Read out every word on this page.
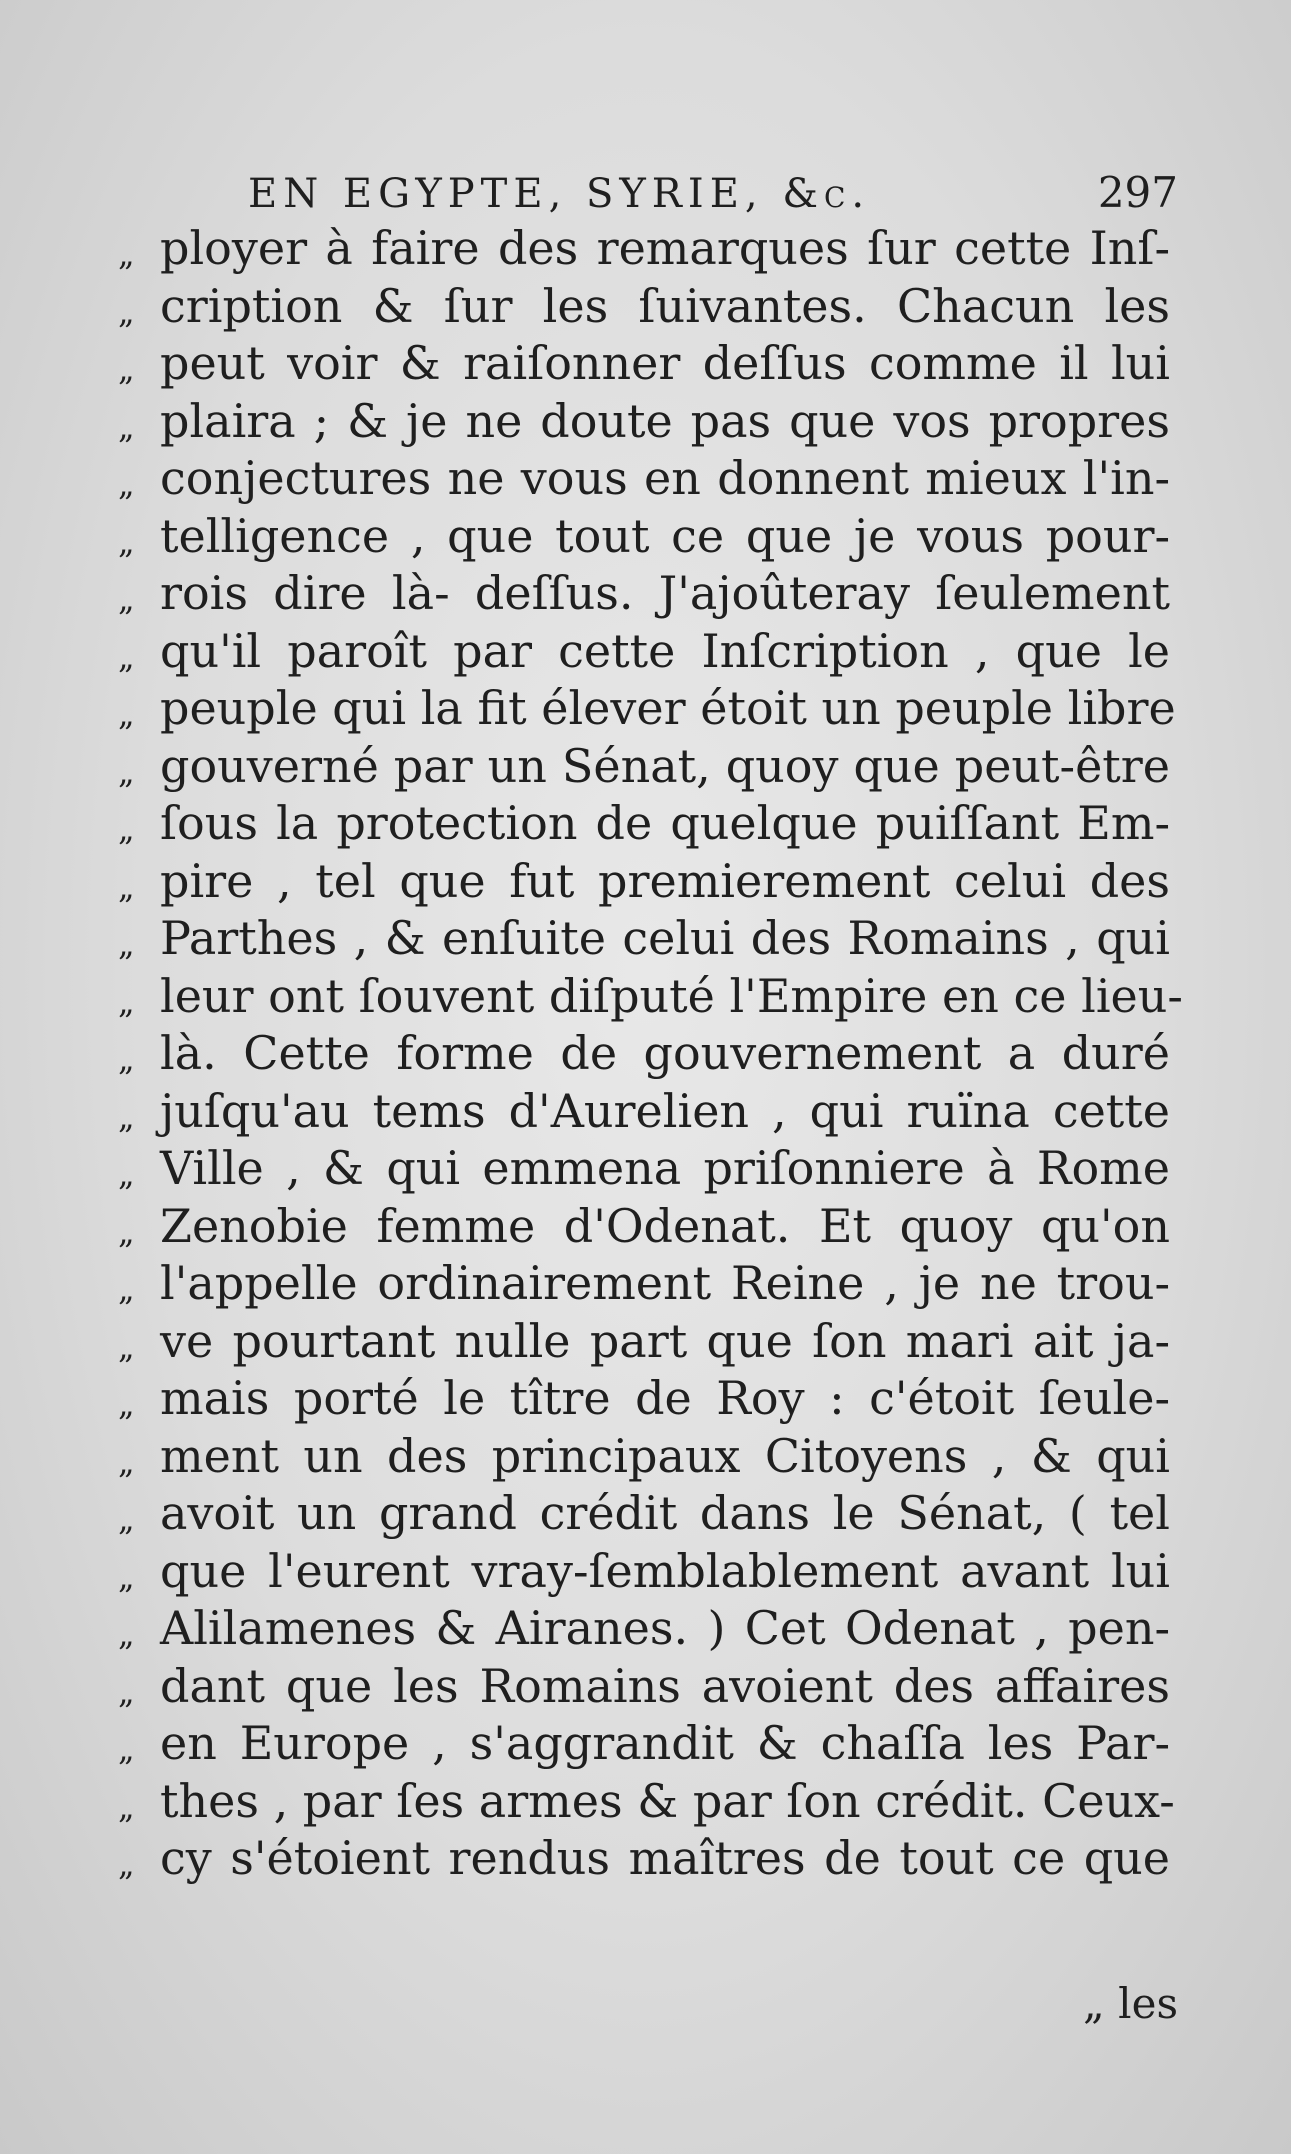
EN EGYPTE, SYRIE, &c.	297
„ ployer à faire des remarques ſur cette Inſ-
„ cription & ſur les ſuivantes. Chacun les
„ peut voir & raiſonner deſſus comme il lui
„ plaira ; & je ne doute pas que vos propres
„ conjectures ne vous en donnent mieux l'in-
„ telligence , que tout ce que je vous pour-
„ rois dire là- deſſus. J'ajoûteray ſeulement
„ qu'il paroît par cette Inſcription , que le
„ peuple qui la fit élever étoit un peuple libre
„ gouverné par un Sénat, quoy que peut-être
„ ſous la protection de quelque puiſſant Em-
„ pire , tel que fut premierement celui des
„ Parthes , & enſuite celui des Romains , qui
„ leur ont ſouvent diſputé l'Empire en ce lieu-
„ là. Cette forme de gouvernement a duré
„ juſqu'au tems d'Aurelien , qui ruïna cette
„ Ville , & qui emmena priſonniere à Rome
„ Zenobie femme d'Odenat. Et quoy qu'on
„ l'appelle ordinairement Reine , je ne trou-
„ ve pourtant nulle part que ſon mari ait ja-
„ mais porté le tître de Roy : c'étoit ſeule-
„ ment un des principaux Citoyens , & qui
„ avoit un grand crédit dans le Sénat, ( tel
„ que l'eurent vray-ſemblablement avant lui
„ Alilamenes & Airanes. ) Cet Odenat , pen-
„ dant que les Romains avoient des affaires
„ en Europe , s'aggrandit & chaſſa les Par-
„ thes , par ſes armes & par ſon crédit. Ceux-
„ cy s'étoient rendus maîtres de tout ce que
„ les
